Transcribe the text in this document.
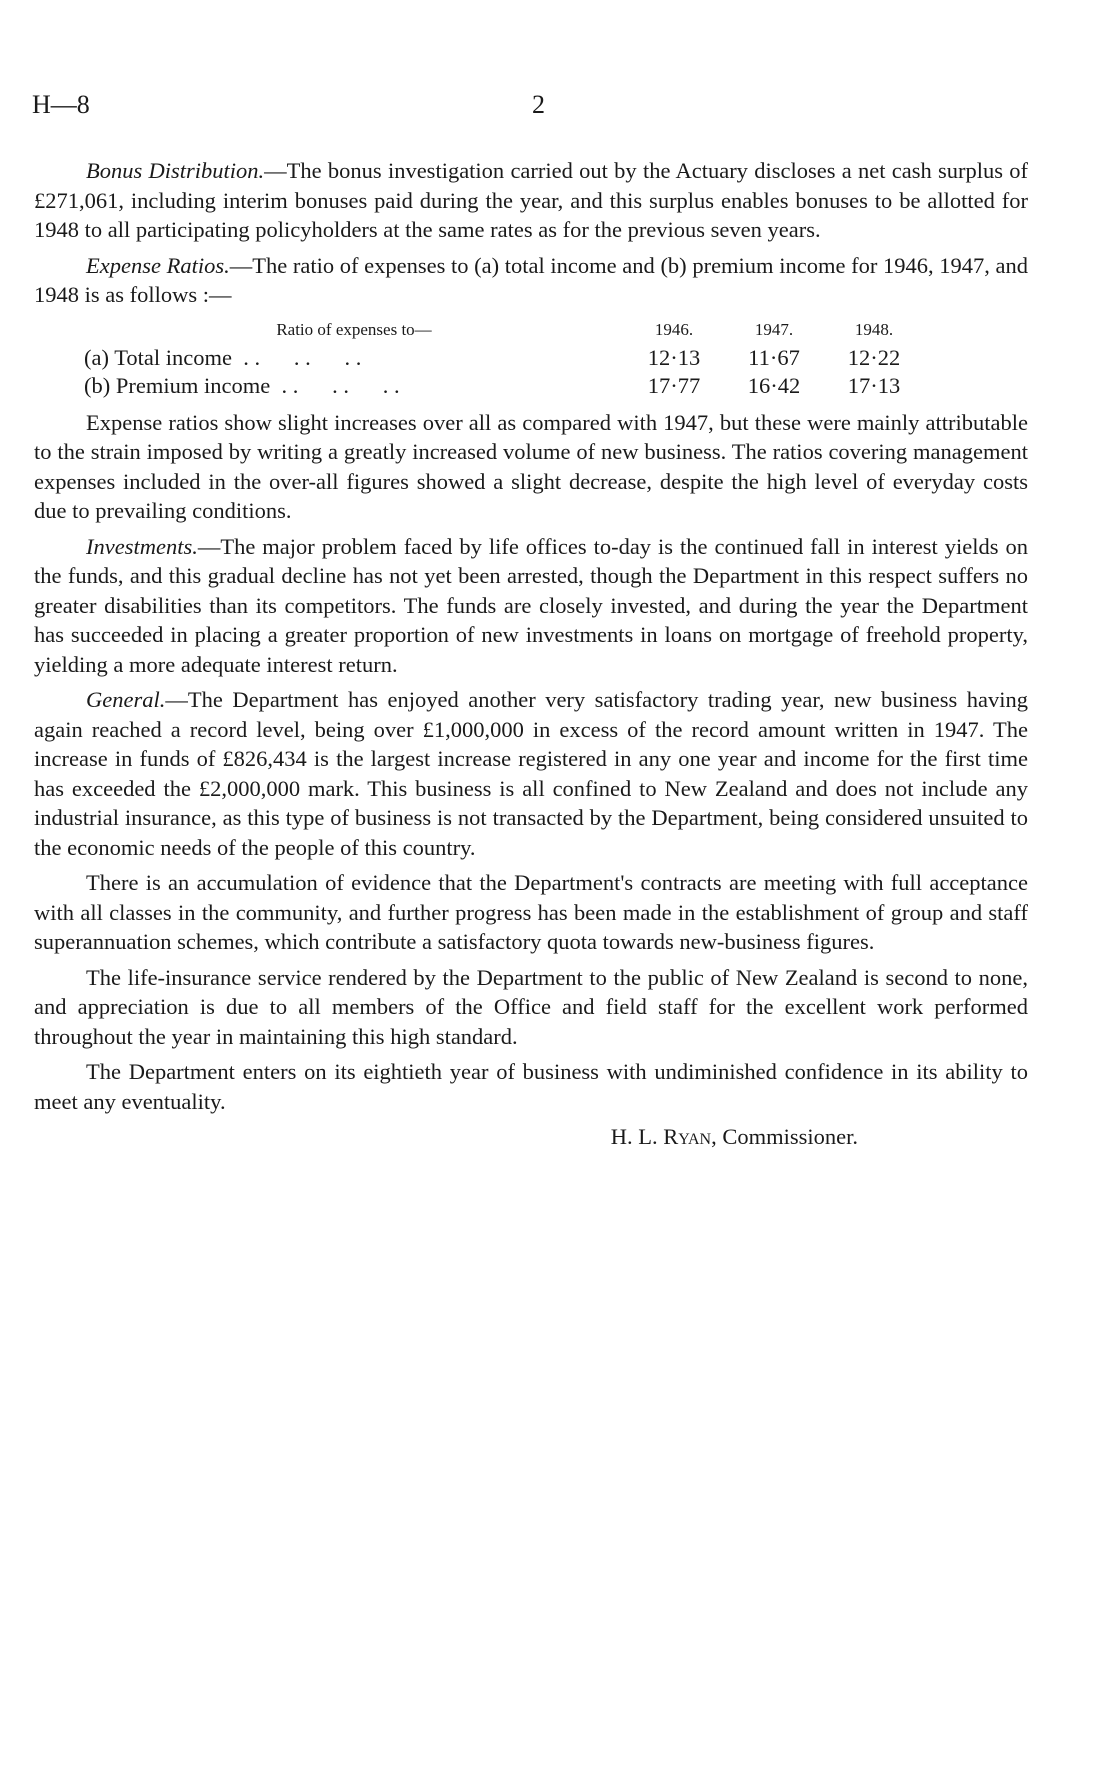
H—8	2

Bonus Distribution.—The bonus investigation carried out by the Actuary discloses a net cash surplus of £271,061, including interim bonuses paid during the year, and this surplus enables bonuses to be allotted for 1948 to all participating policyholders at the same rates as for the previous seven years.

Expense Ratios.—The ratio of expenses to (a) total income and (b) premium income for 1946, 1947, and 1948 is as follows :—

Ratio of expenses to—	1946.	1947.	1948.
(a) Total income  . .      . .      . .	12·13	11·67	12·22
(b) Premium income  . .      . .      . .	17·77	16·42	17·13

Expense ratios show slight increases over all as compared with 1947, but these were mainly attributable to the strain imposed by writing a greatly increased volume of new business. The ratios covering management expenses included in the over-all figures showed a slight decrease, despite the high level of everyday costs due to prevailing conditions.

Investments.—The major problem faced by life offices to-day is the continued fall in interest yields on the funds, and this gradual decline has not yet been arrested, though the Department in this respect suffers no greater disabilities than its competitors. The funds are closely invested, and during the year the Department has succeeded in placing a greater proportion of new investments in loans on mortgage of freehold property, yielding a more adequate interest return.

General.—The Department has enjoyed another very satisfactory trading year, new business having again reached a record level, being over £1,000,000 in excess of the record amount written in 1947. The increase in funds of £826,434 is the largest increase registered in any one year and income for the first time has exceeded the £2,000,000 mark. This business is all confined to New Zealand and does not include any industrial insurance, as this type of business is not transacted by the Department, being considered unsuited to the economic needs of the people of this country.

There is an accumulation of evidence that the Department's contracts are meeting with full acceptance with all classes in the community, and further progress has been made in the establishment of group and staff superannuation schemes, which contribute a satisfactory quota towards new-business figures.

The life-insurance service rendered by the Department to the public of New Zealand is second to none, and appreciation is due to all members of the Office and field staff for the excellent work performed throughout the year in maintaining this high standard.

The Department enters on its eightieth year of business with undiminished confidence in its ability to meet any eventuality.

H. L. Ryan, Commissioner.
